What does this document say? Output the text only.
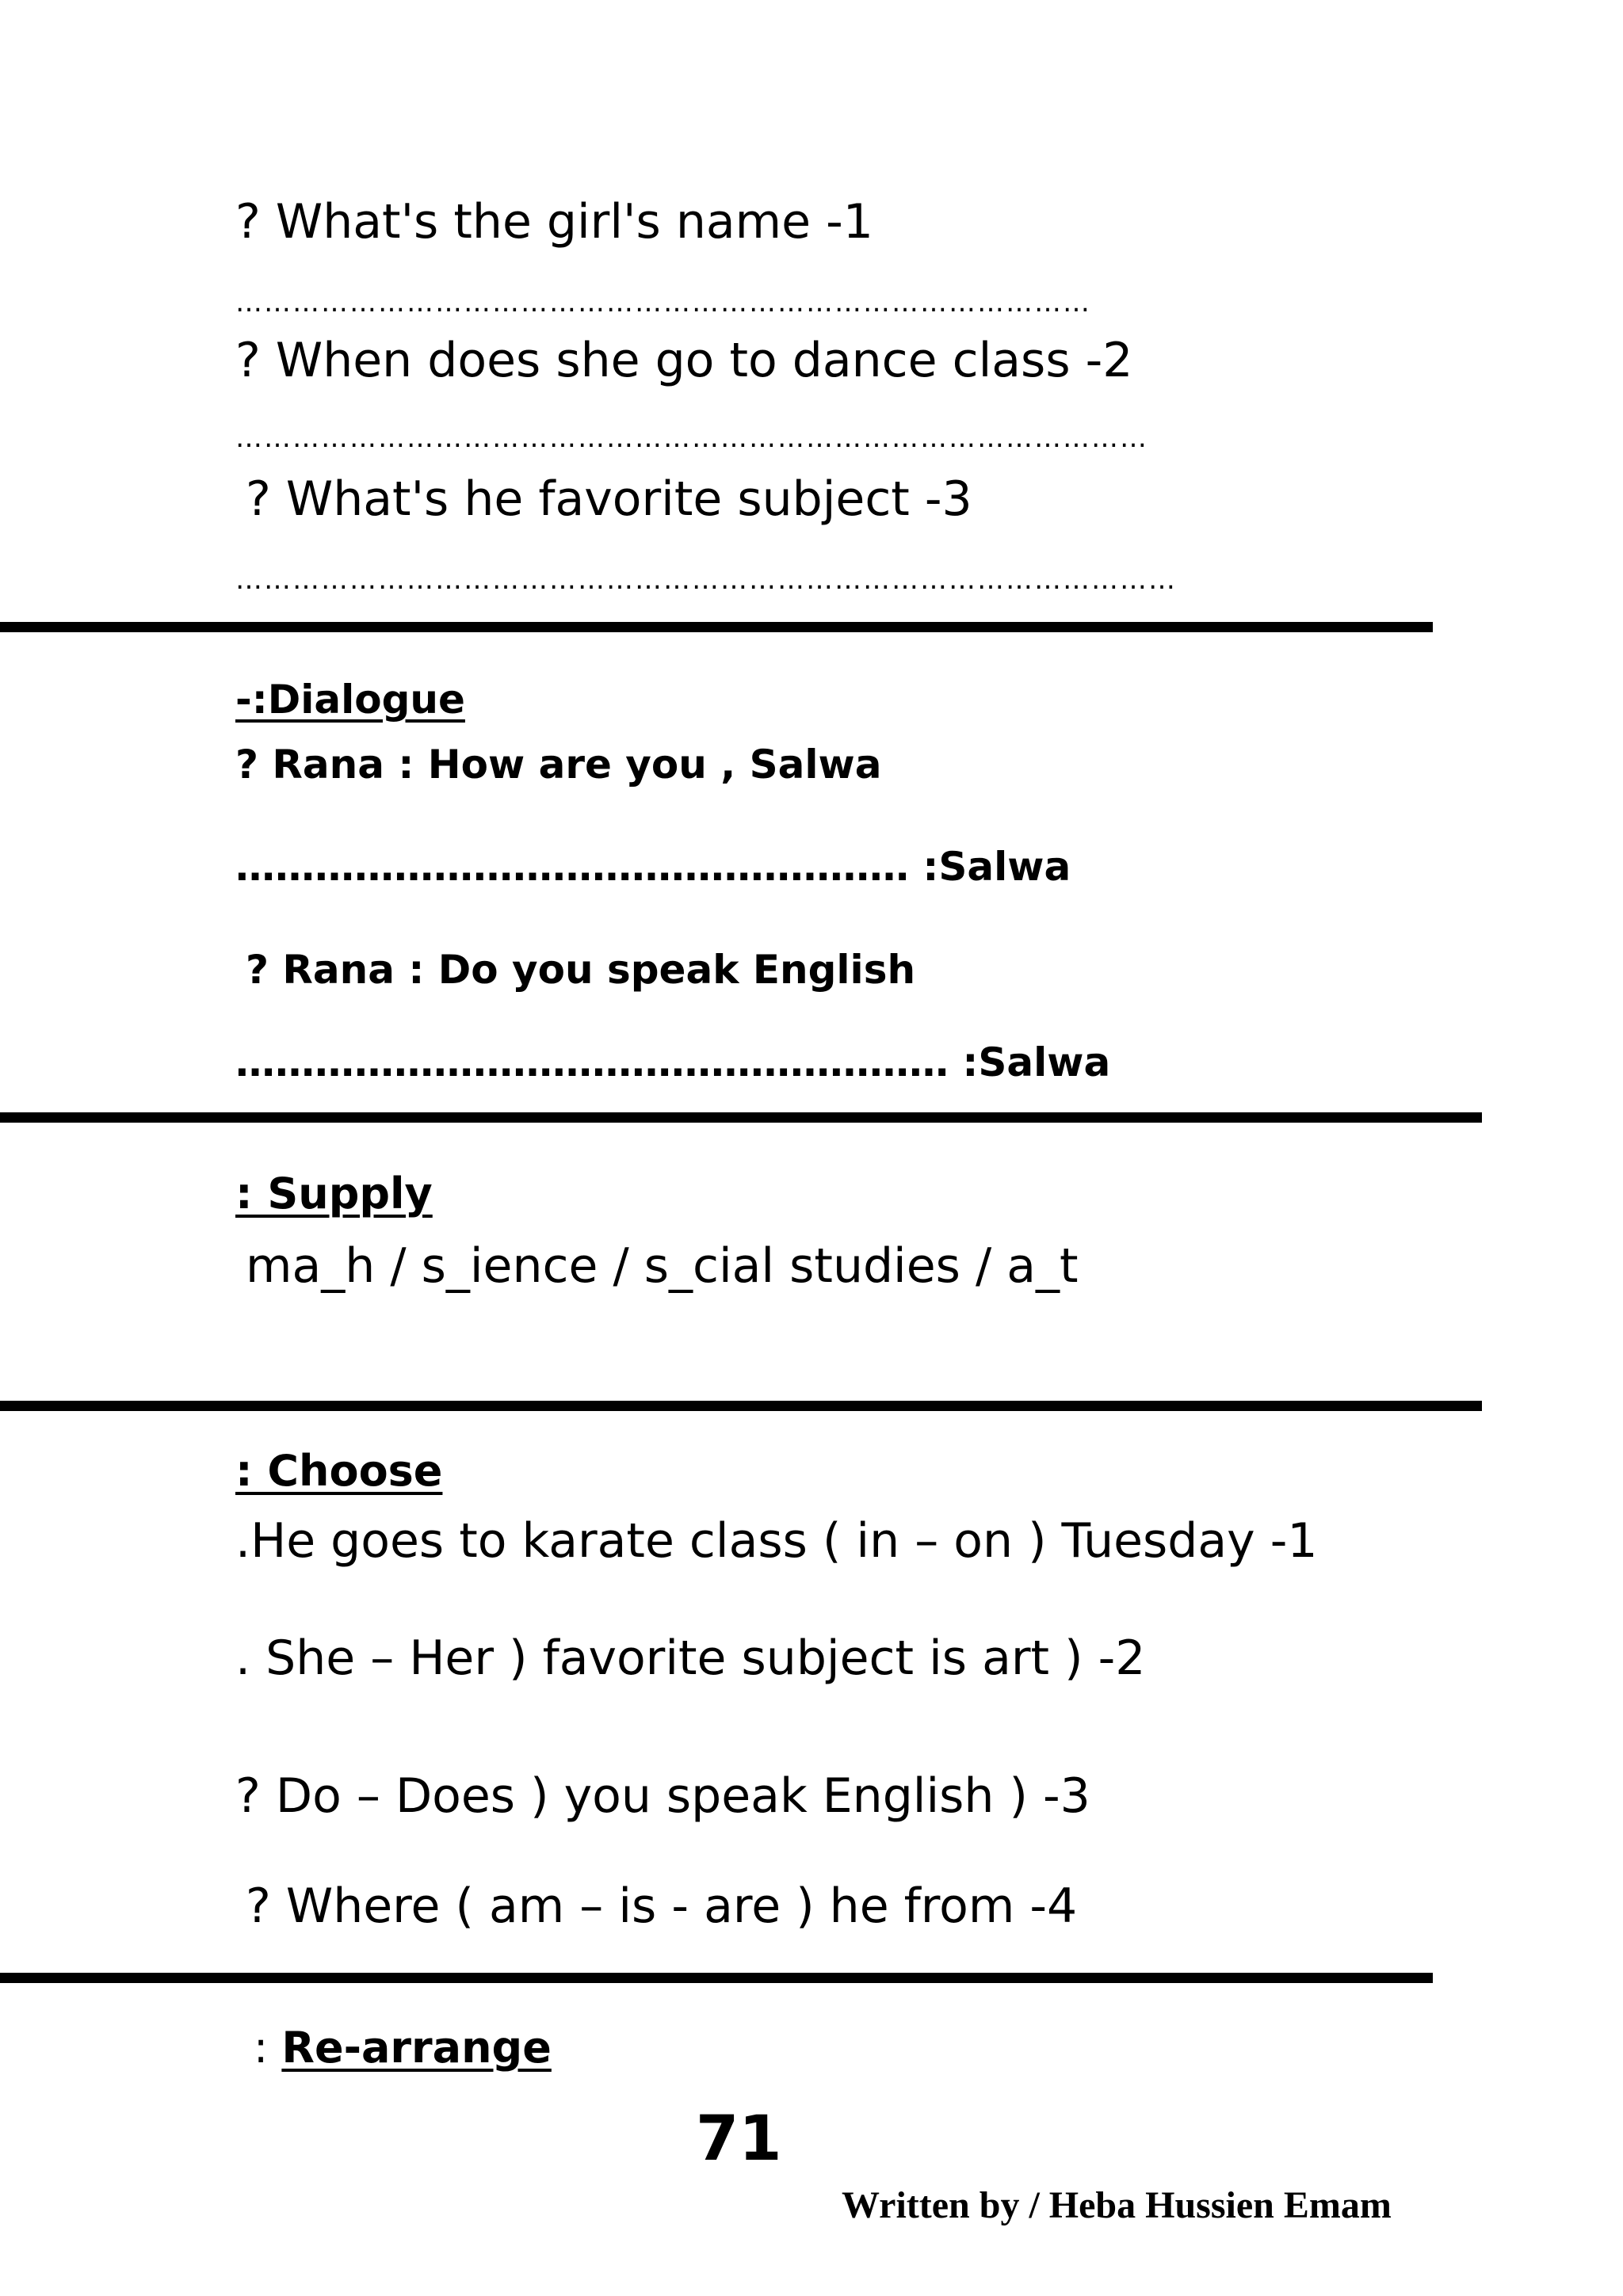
? What's the girl's name -1
………………………………………………………………………………
? When does she go to dance class -2
……………………………………………………………………………………
? What's he favorite subject -3
………………………………………………………………………………………
-:Dialogue
? Rana : How are you , Salwa
…………………………………………… :Salwa
? Rana : Do you speak English
……………………………………………… :Salwa
: Supply
ma_h / s_ience / s_cial studies / a_t
: Choose
.He goes to karate class ( in – on ) Tuesday -1
. She – Her ) favorite subject is art ) -2
? Do – Does ) you speak English ) -3
? Where ( am – is - are ) he from -4
: Re-arrange
71
Written by / Heba Hussien Emam
